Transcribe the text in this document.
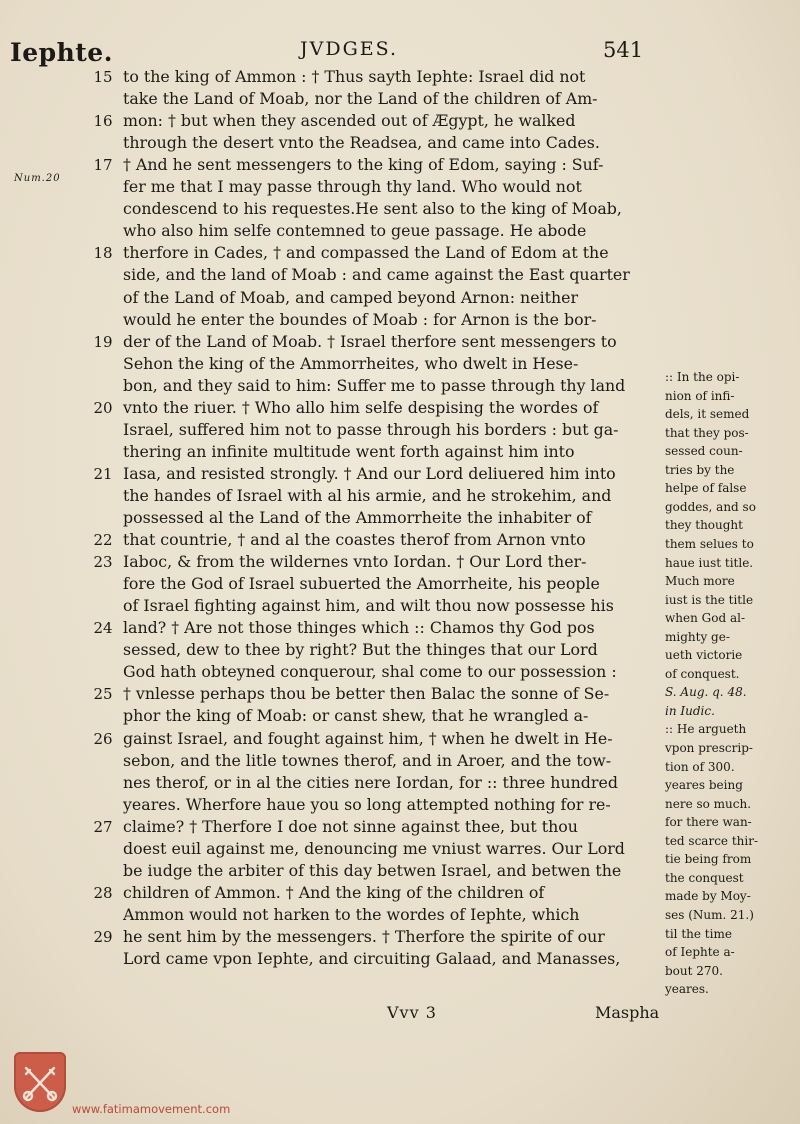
Iephte.	JVDGES.	541
Num.20
15 to the king of Ammon : † Thus sayth Iephte: Israel did not
take the Land of Moab, nor the Land of the children of Am-
16 mon: † but when they ascended out of Ægypt, he walked
through the desert vnto the Readsea, and came into Cades.
17 † And he sent messengers to the king of Edom, saying : Suf-
fer me that I may passe through thy land. Who would not
condescend to his requestes.He sent also to the king of Moab,
who also him selfe contemned to geue passage. He abode
18 therfore in Cades, † and compassed the Land of Edom at the
side, and the land of Moab : and came against the East quarter
of the Land of Moab, and camped beyond Arnon: neither
would he enter the boundes of Moab : for Arnon is the bor-
19 der of the Land of Moab. † Israel therfore sent messengers to
Sehon the king of the Ammorrheites, who dwelt in Hese-
bon, and they said to him: Suffer me to passe through thy land
20 vnto the riuer. † Who allo him selfe despising the wordes of
Israel, suffered him not to passe through his borders : but ga-
thering an infinite multitude went forth against him into
21 Iasa, and resisted strongly. † And our Lord deliuered him into
the handes of Israel with al his armie, and he strokehim, and
possessed al the Land of the Ammorrheite the inhabiter of
22 that countrie, † and al the coastes therof from Arnon vnto
23 Iaboc, & from the wildernes vnto Iordan. † Our Lord ther-
fore the God of Israel subuerted the Amorrheite, his people
of Israel fighting against him, and wilt thou now possesse his
24 land? † Are not those thinges which :: Chamos thy God pos
sessed, dew to thee by right? But the thinges that our Lord
God hath obteyned conquerour, shal come to our possession :
25 † vnlesse perhaps thou be better then Balac the sonne of Se-
phor the king of Moab: or canst shew, that he wrangled a-
26 gainst Israel, and fought against him, † when he dwelt in He-
sebon, and the litle townes therof, and in Aroer, and the tow-
nes therof, or in al the cities nere Iordan, for :: three hundred
yeares. Wherfore haue you so long attempted nothing for re-
27 claime? † Therfore I doe not sinne against thee, but thou
doest euil against me, denouncing me vniust warres. Our Lord
be iudge the arbiter of this day betwen Israel, and betwen the
28 children of Ammon. † And the king of the children of
Ammon would not harken to the wordes of Iephte, which
29 he sent him by the messengers. † Therfore the spirite of our
Lord came vpon Iephte, and circuiting Galaad, and Manasses,
:: In the opi-
nion of infi-
dels, it semed
that they pos-
sessed coun-
tries by the
helpe of false
goddes, and so
they thought
them selues to
haue iust title.
Much more
iust is the title
when God al-
mighty ge-
ueth victorie
of conquest.
S. Aug. q. 48.
in Iudic.
:: He argueth
vpon prescrip-
tion of 300.
yeares being
nere so much.
for there wan-
ted scarce thir-
tie being from
the conquest
made by Moy-
ses (Num. 21.)
til the time
of Iephte a-
bout 270.
yeares.
Vvv 3	Maspha
www.fatimamovement.com
